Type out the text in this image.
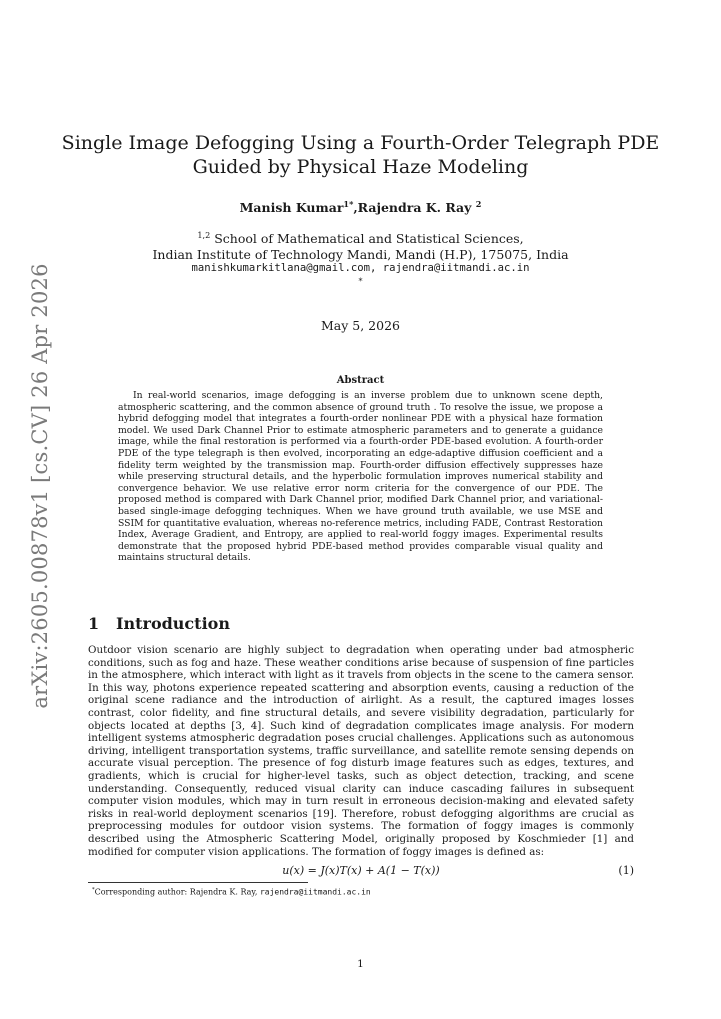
arXiv:2605.00878v1 [cs.CV] 26 Apr 2026
Single Image Defogging Using a Fourth-Order Telegraph PDE
Guided by Physical Haze Modeling
Manish Kumar$^{1*}$,Rajendra K. Ray $^2$
$^{1,2}$ School of Mathematical and Statistical Sciences,
Indian Institute of Technology Mandi, Mandi (H.P), 175075, India
manishkumarkitlana@gmail.com, rajendra@iitmandi.ac.in
*
May 5, 2026
Abstract

In real-world scenarios, image defogging is an inverse problem due to unknown scene depth, atmospheric scattering, and the common absence of ground truth . To resolve the issue, we propose a hybrid defogging model that integrates a fourth-order nonlinear PDE with a physical haze formation model. We used Dark Channel Prior to estimate atmospheric parameters and to generate a guidance image, while the final restoration is performed via a fourth-order PDE-based evolution. A fourth-order PDE of the type telegraph is then evolved, incorporating an edge-adaptive diffusion coefficient and a fidelity term weighted by the transmission map. Fourth-order diffusion effectively suppresses haze while preserving structural details, and the hyperbolic formulation improves numerical stability and convergence behavior. We use relative error norm criteria for the convergence of our PDE. The proposed method is compared with Dark Channel prior, modified Dark Channel prior, and variational-based single-image defogging techniques. When we have ground truth available, we use MSE and SSIM for quantitative evaluation, whereas no-reference metrics, including FADE, Contrast Restoration Index, Average Gradient, and Entropy, are applied to real-world foggy images. Experimental results demonstrate that the proposed hybrid PDE-based method provides comparable visual quality and maintains structural details.

1 Introduction

Outdoor vision scenario are highly subject to degradation when operating under bad atmospheric conditions, such as fog and haze. These weather conditions arise because of suspension of fine particles in the atmosphere, which interact with light as it travels from objects in the scene to the camera sensor. In this way, photons experience repeated scattering and absorption events, causing a reduction of the original scene radiance and the introduction of airlight. As a result, the captured images losses contrast, color fidelity, and fine structural details, and severe visibility degradation, particularly for objects located at depths [3, 4]. Such kind of degradation complicates image analysis. For modern intelligent systems atmospheric degradation poses crucial challenges. Applications such as autonomous driving, intelligent transportation systems, traffic surveillance, and satellite remote sensing depends on accurate visual perception. The presence of fog disturb image features such as edges, textures, and gradients, which is crucial for higher-level tasks, such as object detection, tracking, and scene understanding. Consequently, reduced visual clarity can induce cascading failures in subsequent computer vision modules, which may in turn result in erroneous decision-making and elevated safety risks in real-world deployment scenarios [19]. Therefore, robust defogging algorithms are crucial as preprocessing modules for outdoor vision systems. The formation of foggy images is commonly described using the Atmospheric Scattering Model, originally proposed by Koschmieder [1] and modified for computer vision applications. The formation of foggy images is defined as:

u(x) = J(x)T(x) + A(1 − T(x))	(1)
*Corresponding author: Rajendra K. Ray, rajendra@iitmandi.ac.in
1
